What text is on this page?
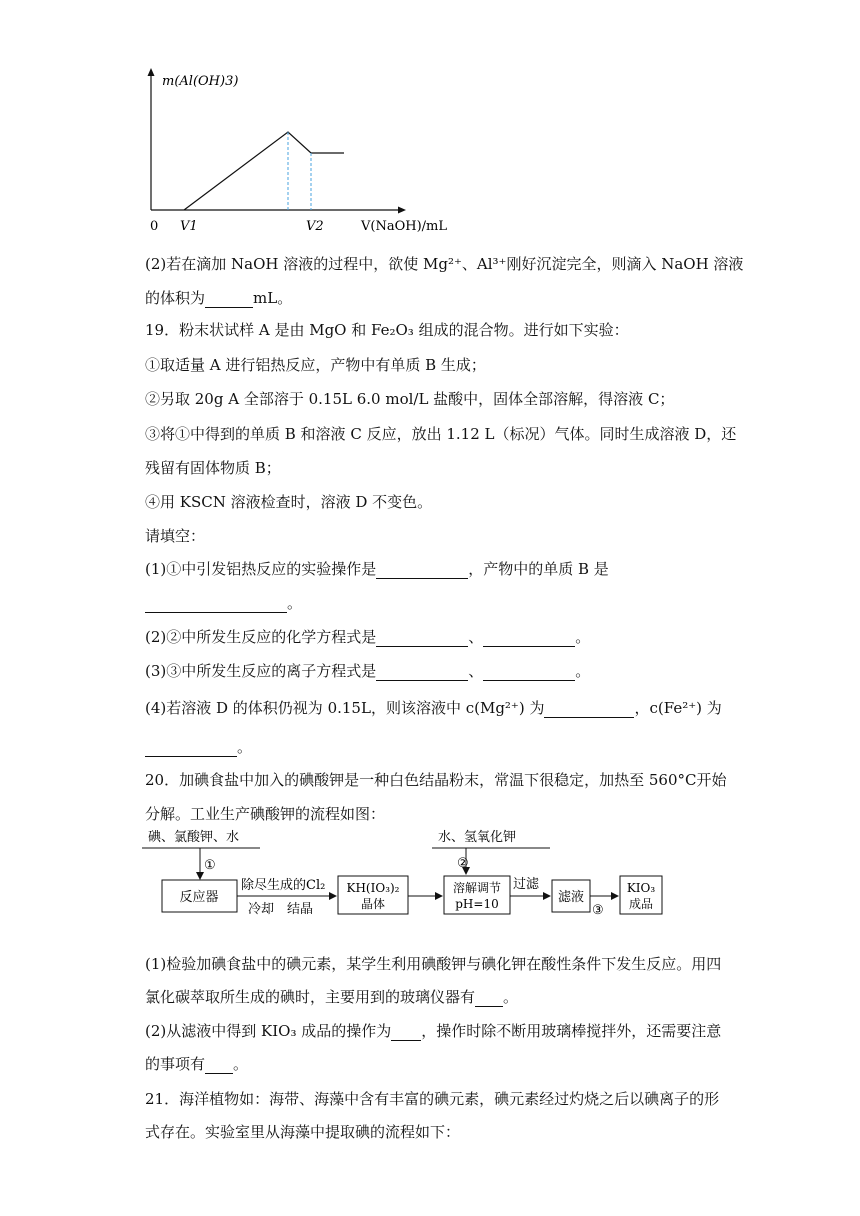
m(Al(OH)3)
0 V1	V2	V(NaOH)/mL
(2)若在滴加 NaOH 溶液的过程中，欲使 Mg²⁺、Al³⁺刚好沉淀完全，则滴入 NaOH 溶液
的体积为	mL。
19．粉末状试样 A 是由 MgO 和 Fe₂O₃ 组成的混合物。进行如下实验：
①取适量 A 进行铝热反应，产物中有单质 B 生成；
②另取 20g A 全部溶于 0.15L 6.0 mol/L 盐酸中，固体全部溶解，得溶液 C；
③将①中得到的单质 B 和溶液 C 反应，放出 1.12 L（标况）气体。同时生成溶液 D，还
残留有固体物质 B；
④用 KSCN 溶液检查时，溶液 D 不变色。
请填空：
(1)①中引发铝热反应的实验操作是	，产物中的单质 B 是
。
(2)②中所发生反应的化学方程式是	、	。
(3)③中所发生反应的离子方程式是	、	。
(4)若溶液 D 的体积仍视为 0.15L，则该溶液中 c(Mg²⁺) 为	，c(Fe²⁺) 为
。
20．加碘食盐中加入的碘酸钾是一种白色结晶粉末，常温下很稳定，加热至 560°C开始
分解。工业生产碘酸钾的流程如图：
碘、氯酸钾、水
①
反应器
除尽生成的Cl₂
冷却　结晶
KH(IO₃)₂
晶体
水、氢氧化钾
②
溶解调节
pH=10
过滤
滤液
③
KIO₃
成品
(1)检验加碘食盐中的碘元素，某学生利用碘酸钾与碘化钾在酸性条件下发生反应。用四
氯化碳萃取所生成的碘时，主要用到的玻璃仪器有 。
(2)从滤液中得到 KIO₃ 成品的操作为 ，操作时除不断用玻璃棒搅拌外，还需要注意
的事项有 。
21．海洋植物如：海带、海藻中含有丰富的碘元素，碘元素经过灼烧之后以碘离子的形
式存在。实验室里从海藻中提取碘的流程如下：
